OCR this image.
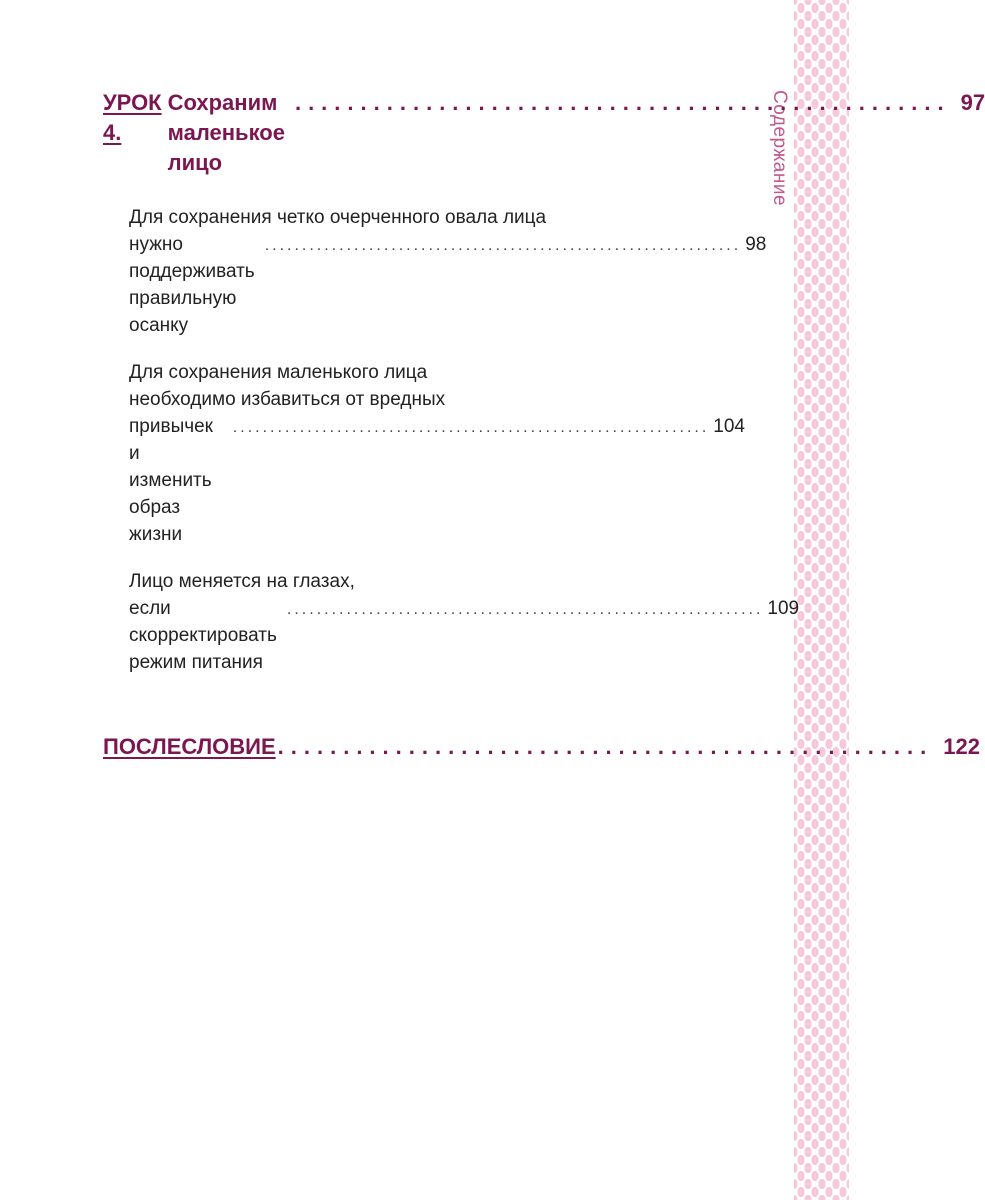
Содержание
УРОК 4.
Сохраним маленькое лицо
.................................................. 97
Для сохранения четко очерченного овала лица
нужно поддерживать правильную осанку
................................................................ 98
Для сохранения маленького лица
необходимо избавиться от вредных
привычек и изменить образ жизни
................................................................ 104
Лицо меняется на глазах,
если скорректировать режим питания
................................................................ 109
ПОСЛЕСЛОВИЕ .................................................. 122
